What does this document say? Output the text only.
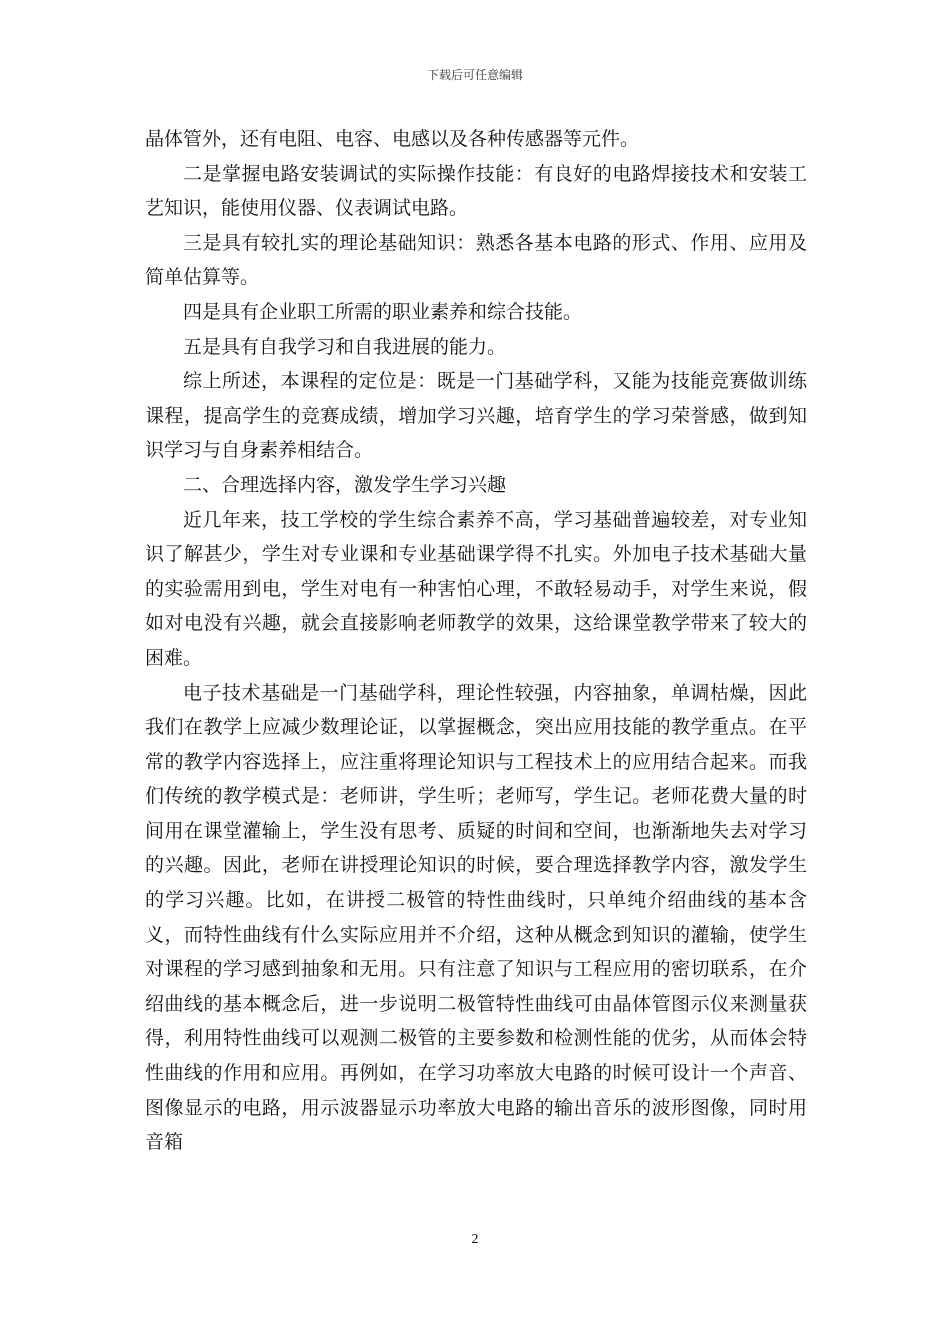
下载后可任意编辑

晶体管外，还有电阻、电容、电感以及各种传感器等元件。

二是掌握电路安装调试的实际操作技能：有良好的电路焊接技术和安装工艺知识，能使用仪器、仪表调试电路。

三是具有较扎实的理论基础知识：熟悉各基本电路的形式、作用、应用及简单估算等。

四是具有企业职工所需的职业素养和综合技能。

五是具有自我学习和自我进展的能力。

综上所述，本课程的定位是：既是一门基础学科，又能为技能竞赛做训练课程，提高学生的竞赛成绩，增加学习兴趣，培育学生的学习荣誉感，做到知识学习与自身素养相结合。

二、合理选择内容，激发学生学习兴趣

近几年来，技工学校的学生综合素养不高，学习基础普遍较差，对专业知识了解甚少，学生对专业课和专业基础课学得不扎实。外加电子技术基础大量的实验需用到电，学生对电有一种害怕心理，不敢轻易动手，对学生来说，假如对电没有兴趣，就会直接影响老师教学的效果，这给课堂教学带来了较大的困难。

电子技术基础是一门基础学科，理论性较强，内容抽象，单调枯燥，因此我们在教学上应减少数理论证，以掌握概念，突出应用技能的教学重点。在平常的教学内容选择上，应注重将理论知识与工程技术上的应用结合起来。而我们传统的教学模式是：老师讲，学生听；老师写，学生记。老师花费大量的时间用在课堂灌输上，学生没有思考、质疑的时间和空间，也渐渐地失去对学习的兴趣。因此，老师在讲授理论知识的时候，要合理选择教学内容，激发学生的学习兴趣。比如，在讲授二极管的特性曲线时，只单纯介绍曲线的基本含义，而特性曲线有什么实际应用并不介绍，这种从概念到知识的灌输，使学生对课程的学习感到抽象和无用。只有注意了知识与工程应用的密切联系，在介绍曲线的基本概念后，进一步说明二极管特性曲线可由晶体管图示仪来测量获得，利用特性曲线可以观测二极管的主要参数和检测性能的优劣，从而体会特性曲线的作用和应用。再例如，在学习功率放大电路的时候可设计一个声音、图像显示的电路，用示波器显示功率放大电路的输出音乐的波形图像，同时用音箱

2
